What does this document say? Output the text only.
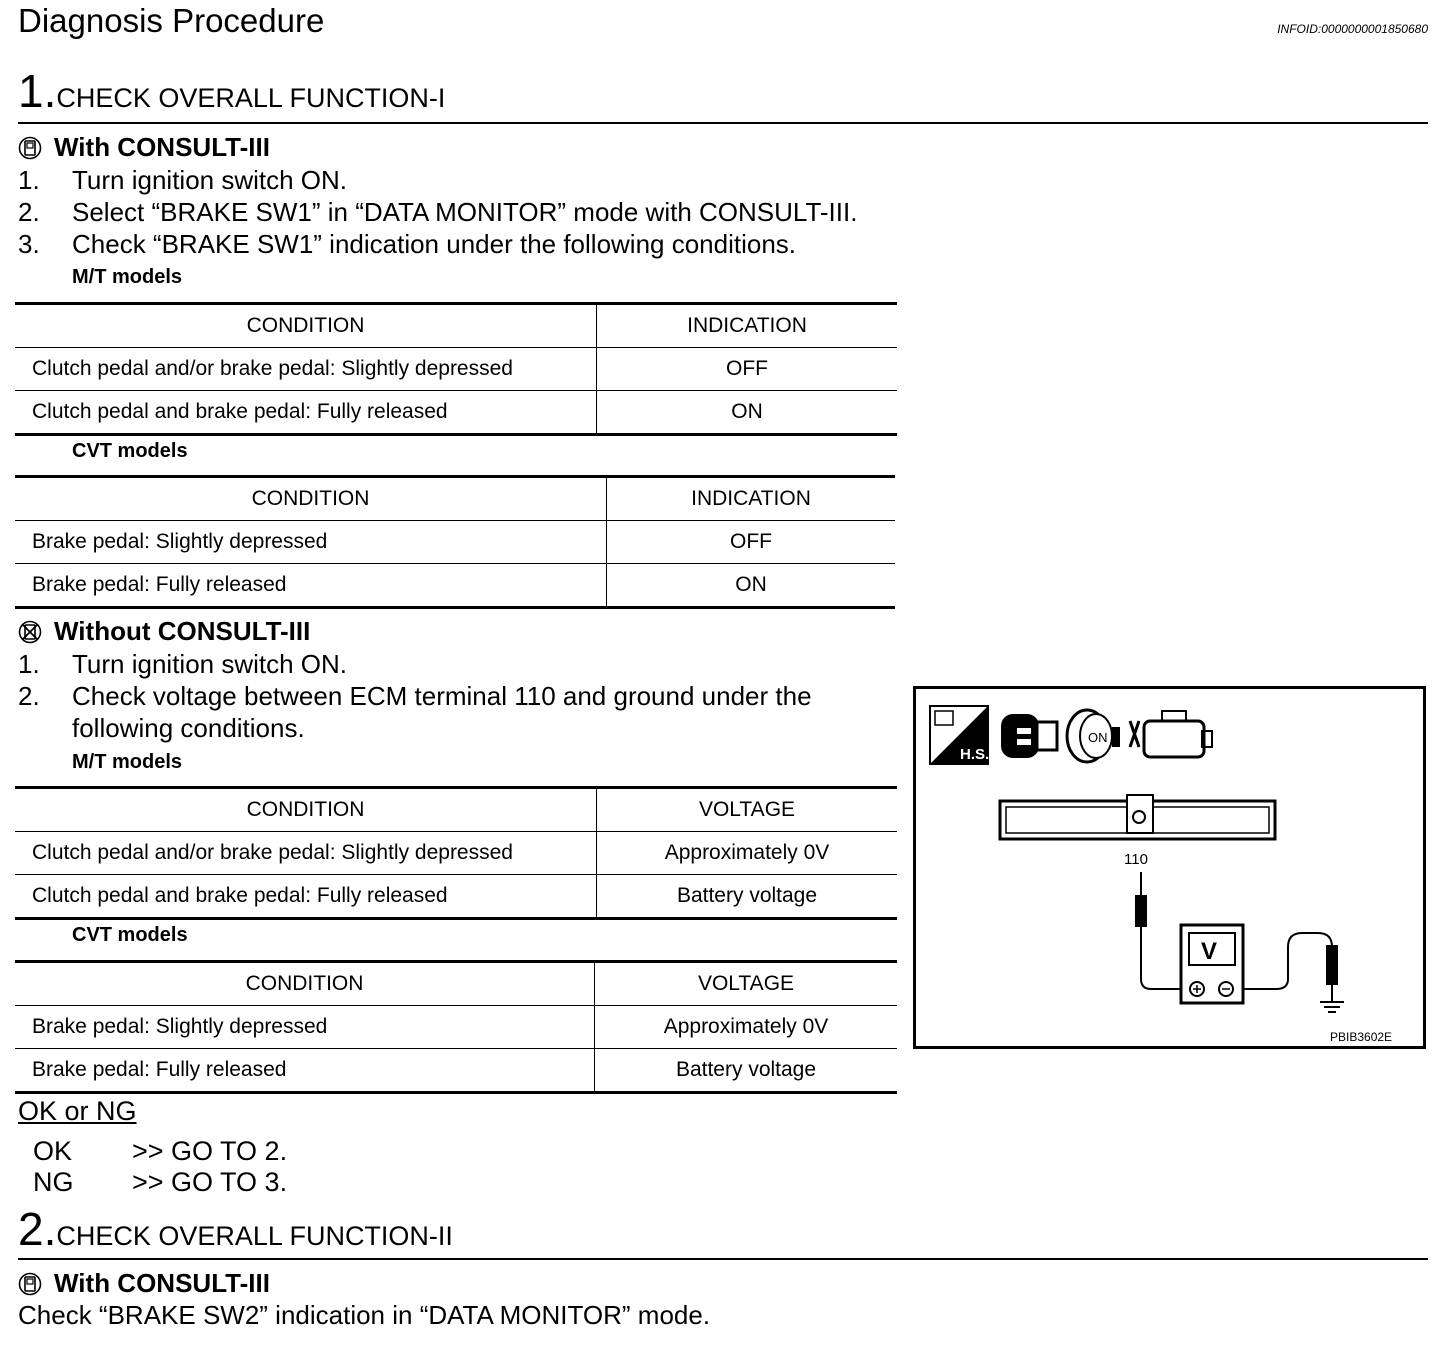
Diagnosis Procedure	INFOID:0000000001850680
1.CHECK OVERALL FUNCTION-I
With CONSULT-III
1. Turn ignition switch ON.
2. Select “BRAKE SW1” in “DATA MONITOR” mode with CONSULT-III.
3. Check “BRAKE SW1” indication under the following conditions.
M/T models
CONDITION	INDICATION
Clutch pedal and/or brake pedal: Slightly depressed	OFF
Clutch pedal and brake pedal: Fully released	ON
CVT models
CONDITION	INDICATION
Brake pedal: Slightly depressed	OFF
Brake pedal: Fully released	ON
Without CONSULT-III
1. Turn ignition switch ON.
2. Check voltage between ECM terminal 110 and ground under the
following conditions.
M/T models
CONDITION	VOLTAGE
Clutch pedal and/or brake pedal: Slightly depressed	Approximately 0V
Clutch pedal and brake pedal: Fully released	Battery voltage
CVT models
CONDITION	VOLTAGE
Brake pedal: Slightly depressed	Approximately 0V
Brake pedal: Fully released	Battery voltage
H.S.
ON
110
V
PBIB3602E
OK or NG
OK >> GO TO 2.
NG >> GO TO 3.
2.CHECK OVERALL FUNCTION-II
With CONSULT-III
Check “BRAKE SW2” indication in “DATA MONITOR” mode.
